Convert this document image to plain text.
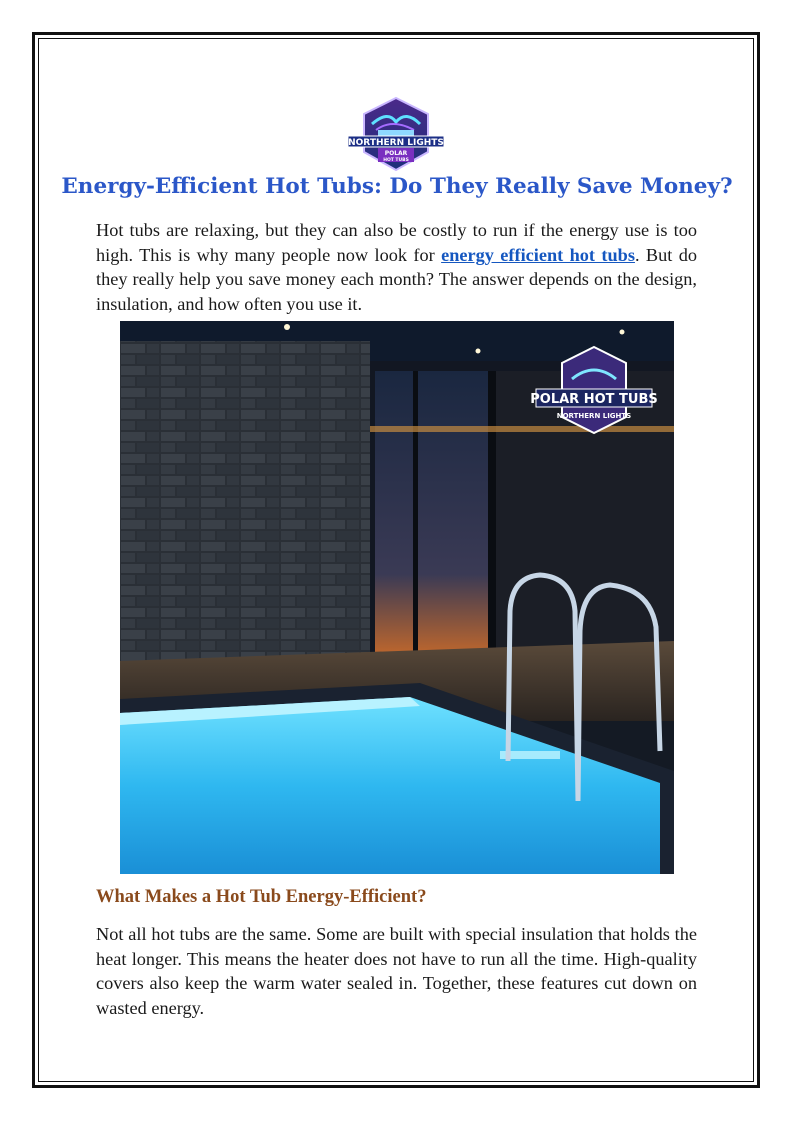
NORTHERN LIGHTS
POLAR
HOT TUBS
Energy-Efficient Hot Tubs: Do They Really Save Money?

Hot tubs are relaxing, but they can also be costly to run if the energy use is too high. This is why many people now look for energy efficient hot tubs. But do they really help you save money each month? The answer depends on the design, insulation, and how often you use it.

POLAR HOT TUBS
NORTHERN LIGHTS
What Makes a Hot Tub Energy-Efficient?

Not all hot tubs are the same. Some are built with special insulation that holds the heat longer. This means the heater does not have to run all the time. High-quality covers also keep the warm water sealed in. Together, these features cut down on wasted energy.
